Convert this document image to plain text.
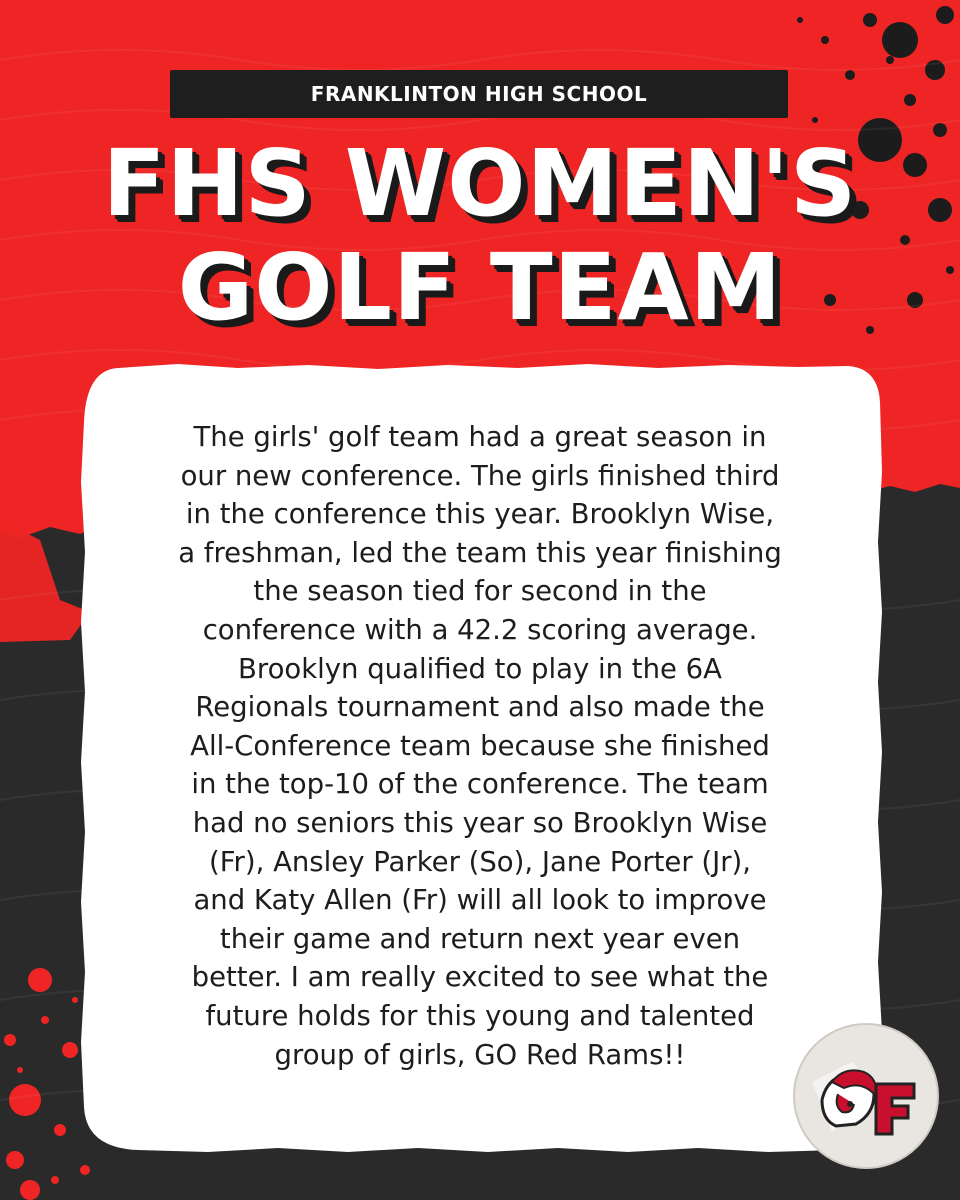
FRANKLINTON HIGH SCHOOL
FHS WOMEN'S
GOLF TEAM
The girls' golf team had a great season in
our new conference. The girls finished third
in the conference this year. Brooklyn Wise,
a freshman, led the team this year finishing
the season tied for second in the
conference with a 42.2 scoring average.
Brooklyn qualified to play in the 6A
Regionals tournament and also made the
All-Conference team because she finished
in the top-10 of the conference. The team
had no seniors this year so Brooklyn Wise
(Fr), Ansley Parker (So), Jane Porter (Jr),
and Katy Allen (Fr) will all look to improve
their game and return next year even
better. I am really excited to see what the
future holds for this young and talented
group of girls, GO Red Rams!!
